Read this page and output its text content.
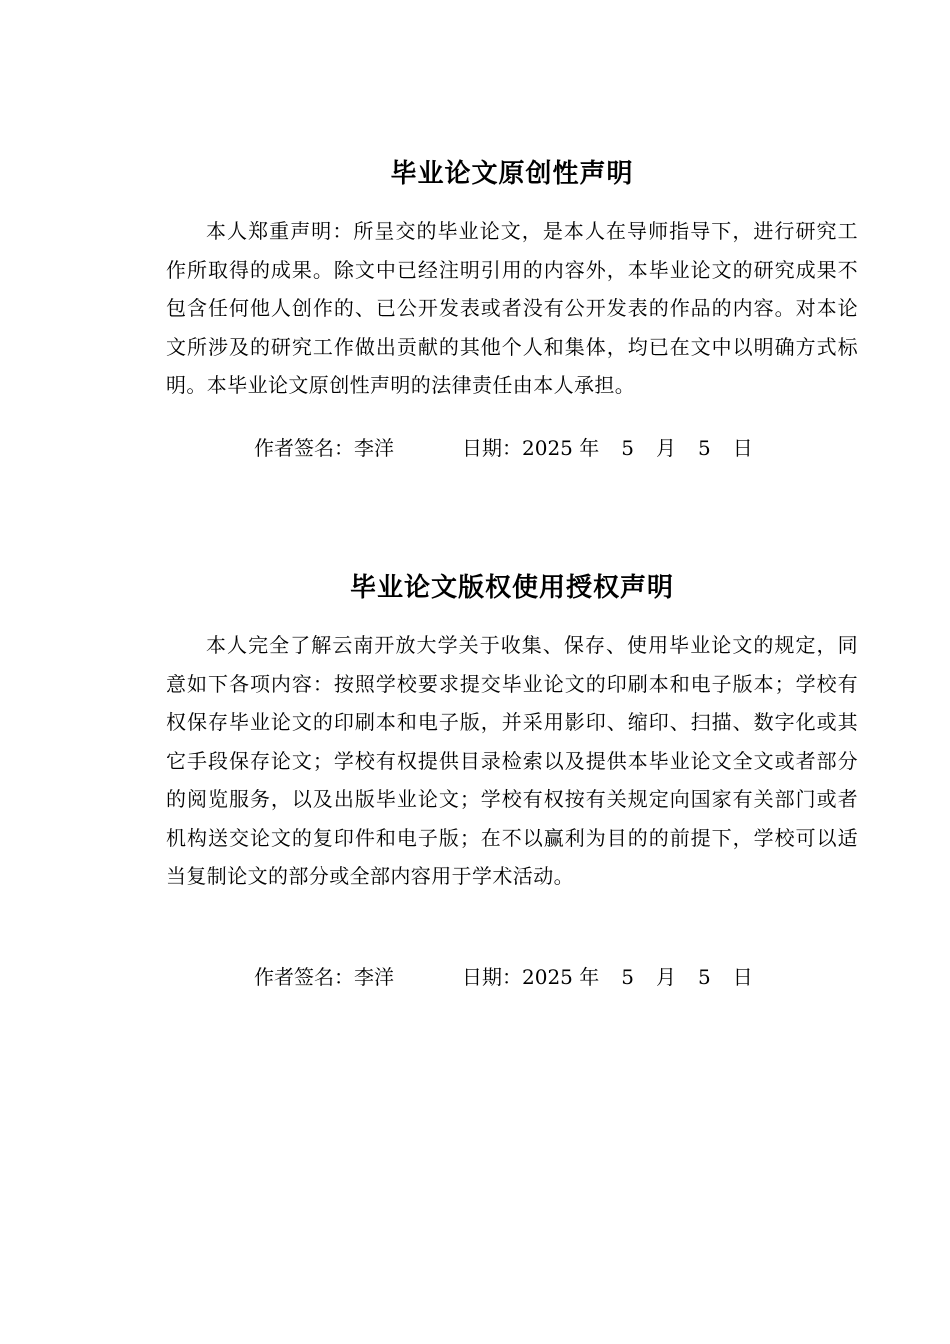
毕业论文原创性声明

本人郑重声明：所呈交的毕业论文，是本人在导师指导下，进行研究工作所取得的成果。除文中已经注明引用的内容外，本毕业论文的研究成果不包含任何他人创作的、已公开发表或者没有公开发表的作品的内容。对本论文所涉及的研究工作做出贡献的其他个人和集体，均已在文中以明确方式标明。本毕业论文原创性声明的法律责任由本人承担。

作者签名：李洋	日期：2025 年 5 月 5 日
毕业论文版权使用授权声明

本人完全了解云南开放大学关于收集、保存、使用毕业论文的规定，同意如下各项内容：按照学校要求提交毕业论文的印刷本和电子版本；学校有权保存毕业论文的印刷本和电子版，并采用影印、缩印、扫描、数字化或其它手段保存论文；学校有权提供目录检索以及提供本毕业论文全文或者部分的阅览服务，以及出版毕业论文；学校有权按有关规定向国家有关部门或者机构送交论文的复印件和电子版；在不以赢利为目的的前提下，学校可以适当复制论文的部分或全部内容用于学术活动。

作者签名：李洋	日期：2025 年 5 月 5 日
